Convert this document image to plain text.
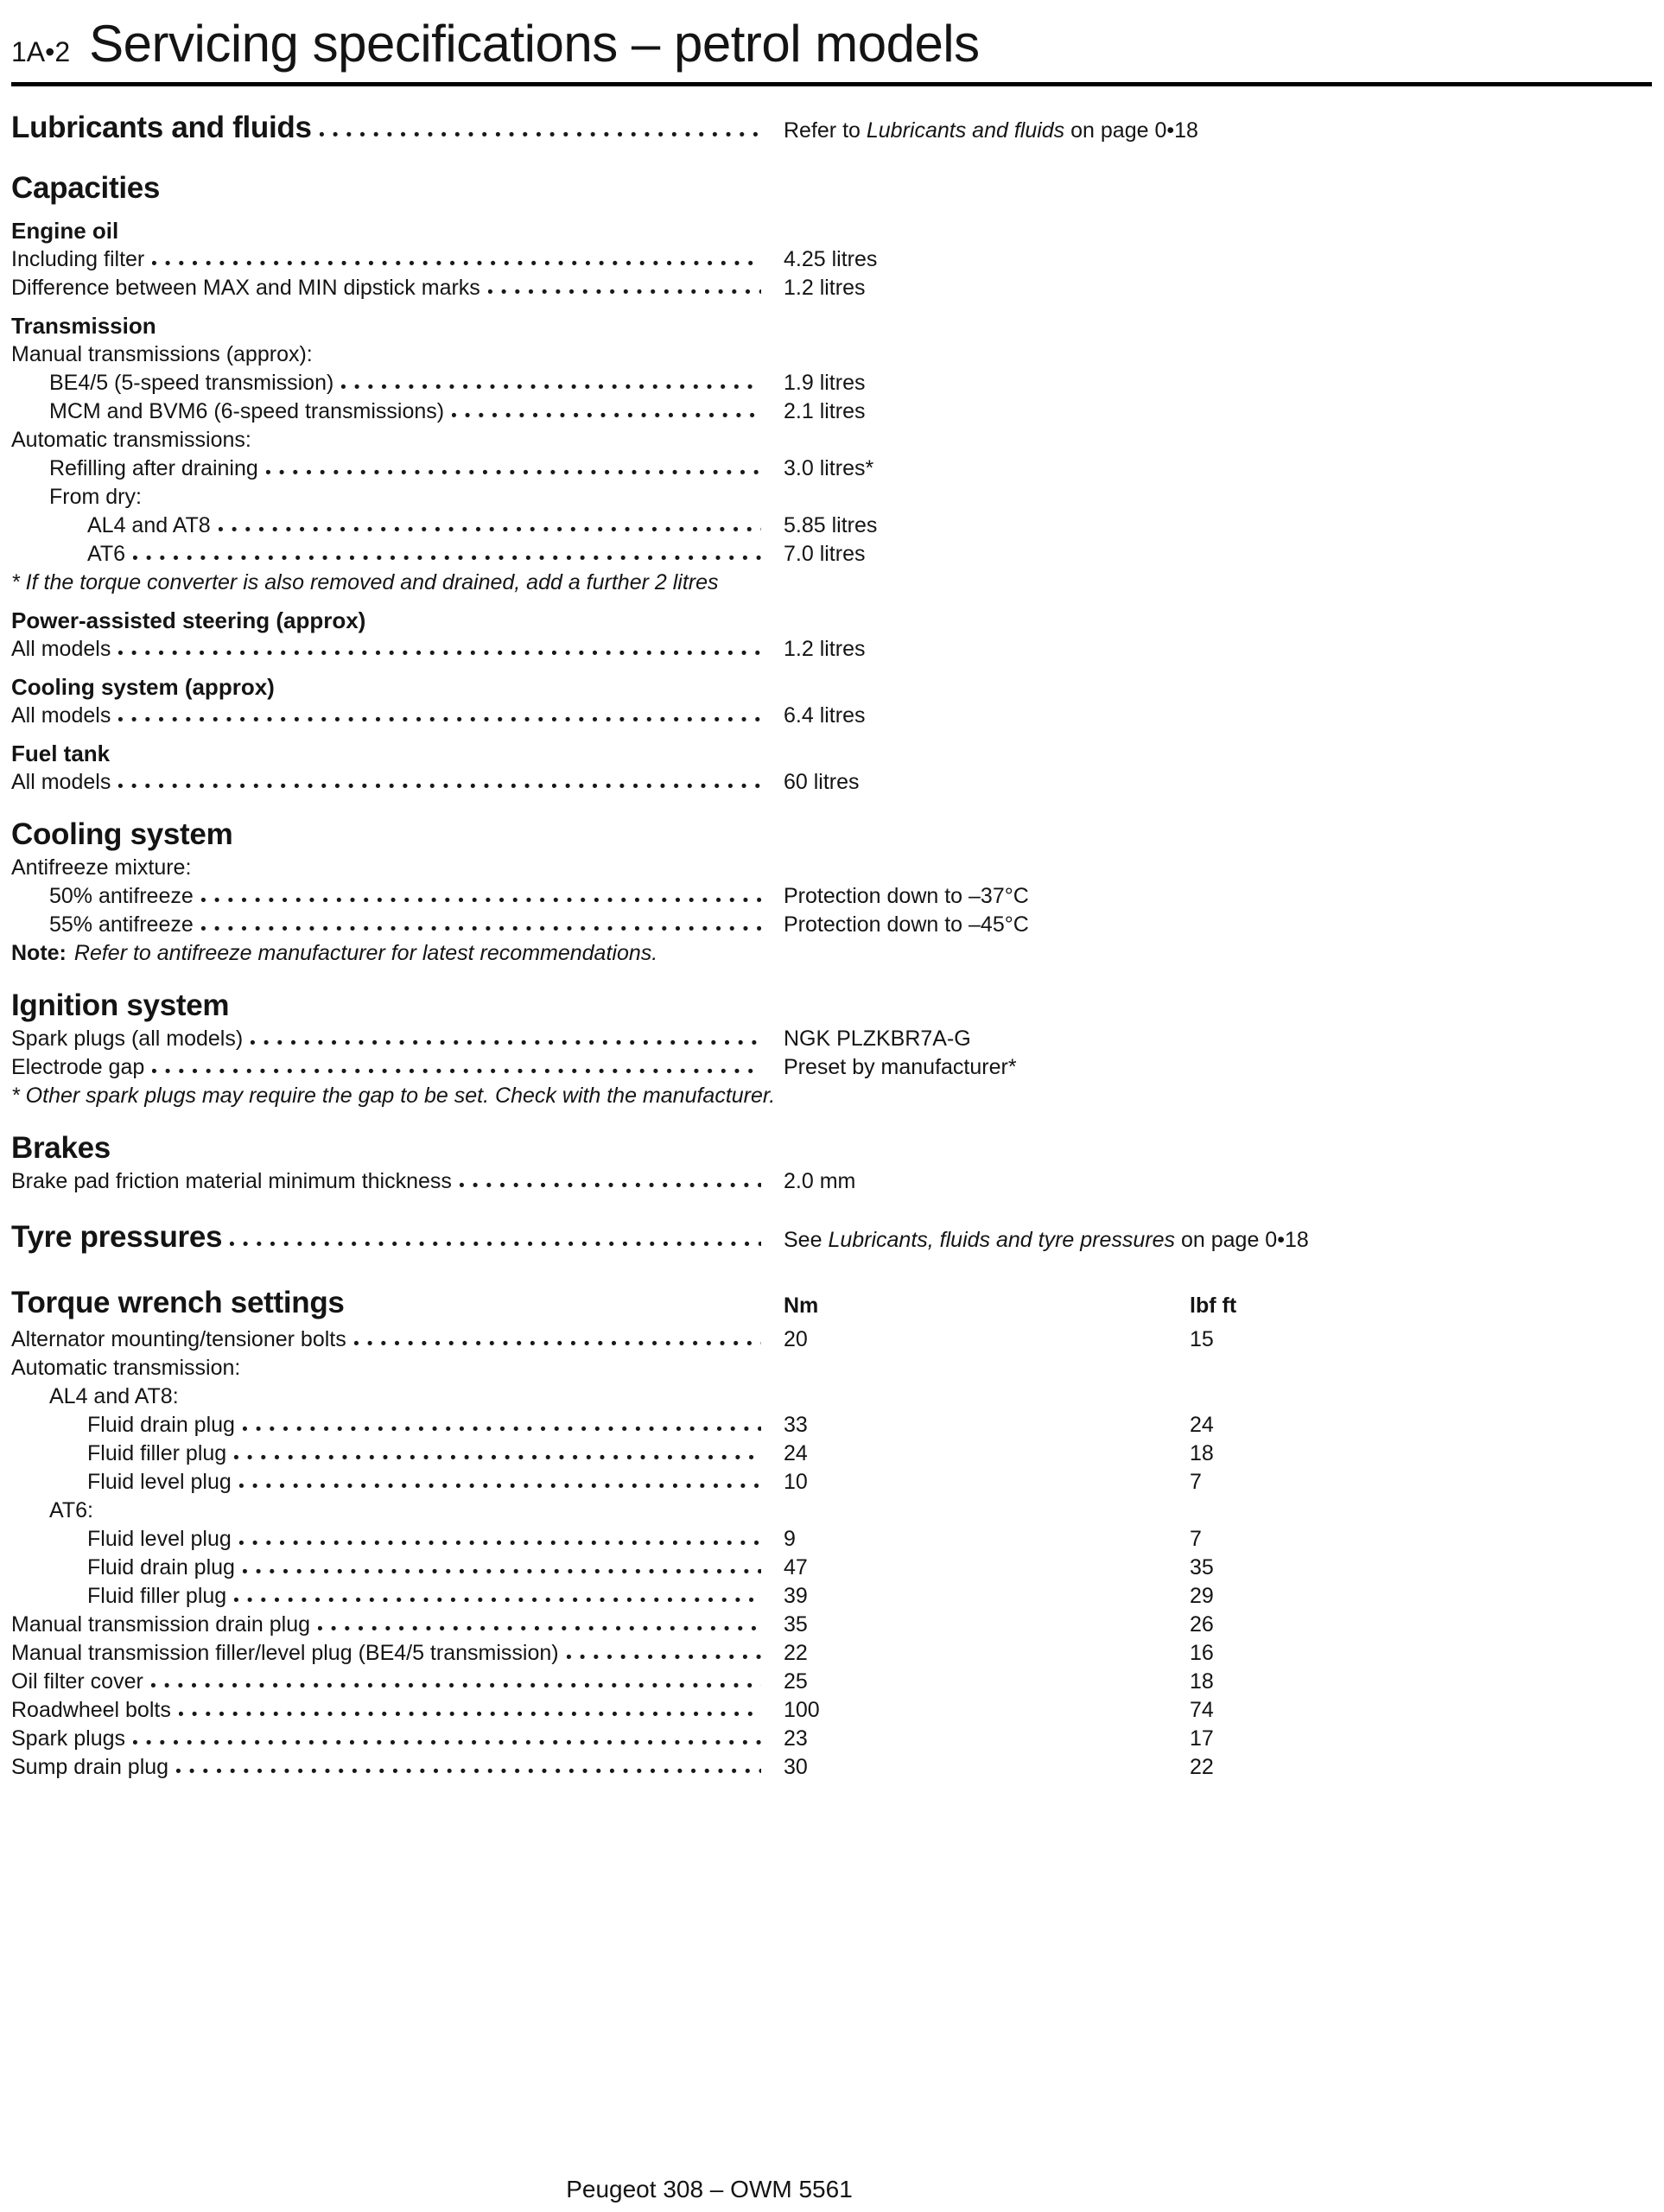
1A•2 Servicing specifications – petrol models
Lubricants and fluids	Refer to Lubricants and fluids on page 0•18
Capacities
Engine oil
Including filter	4.25 litres
Difference between MAX and MIN dipstick marks	1.2 litres
Transmission
Manual transmissions (approx):
BE4/5 (5-speed transmission)	1.9 litres
MCM and BVM6 (6-speed transmissions)	2.1 litres
Automatic transmissions:
Refilling after draining	3.0 litres*
From dry:
AL4 and AT8	5.85 litres
AT6	7.0 litres
* If the torque converter is also removed and drained, add a further 2 litres
Power-assisted steering (approx)
All models	1.2 litres
Cooling system (approx)
All models	6.4 litres
Fuel tank
All models	60 litres
Cooling system
Antifreeze mixture:
50% antifreeze	Protection down to –37°C
55% antifreeze	Protection down to –45°C
Note: Refer to antifreeze manufacturer for latest recommendations.
Ignition system
Spark plugs (all models)	NGK PLZKBR7A-G
Electrode gap	Preset by manufacturer*
* Other spark plugs may require the gap to be set. Check with the manufacturer.
Brakes
Brake pad friction material minimum thickness	2.0 mm
Tyre pressures	See Lubricants, fluids and tyre pressures on page 0•18
Torque wrench settings	Nm	lbf ft
Alternator mounting/tensioner bolts	20	15
Automatic transmission:
AL4 and AT8:
Fluid drain plug	33	24
Fluid filler plug	24	18
Fluid level plug	10	7
AT6:
Fluid level plug	9	7
Fluid drain plug	47	35
Fluid filler plug	39	29
Manual transmission drain plug	35	26
Manual transmission filler/level plug (BE4/5 transmission)	22	16
Oil filter cover	25	18
Roadwheel bolts	100	74
Spark plugs	23	17
Sump drain plug	30	22
Peugeot 308 – OWM 5561
